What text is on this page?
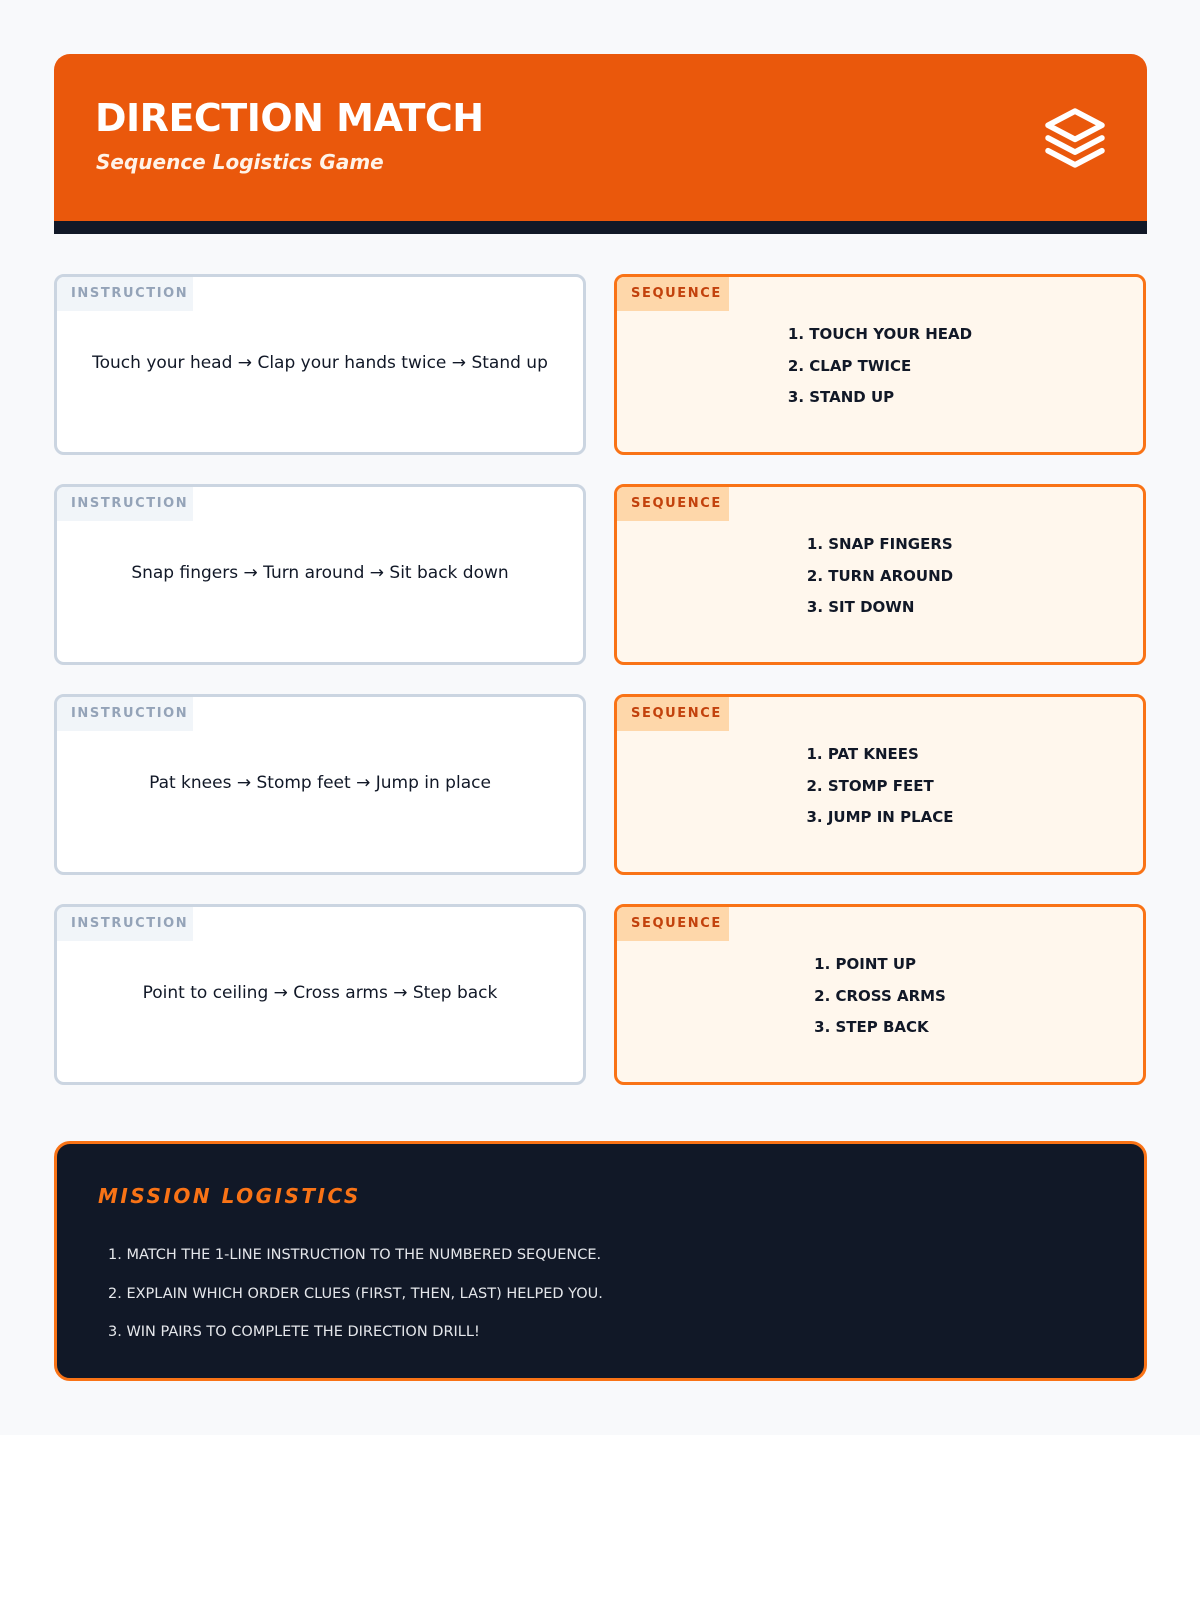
DIRECTION MATCH
Sequence Logistics Game
INSTRUCTION
Touch your head → Clap your hands twice → Stand up
SEQUENCE
1. TOUCH YOUR HEAD
2. CLAP TWICE
3. STAND UP
INSTRUCTION
Snap fingers → Turn around → Sit back down
SEQUENCE
1. SNAP FINGERS
2. TURN AROUND
3. SIT DOWN
INSTRUCTION
Pat knees → Stomp feet → Jump in place
SEQUENCE
1. PAT KNEES
2. STOMP FEET
3. JUMP IN PLACE
INSTRUCTION
Point to ceiling → Cross arms → Step back
SEQUENCE
1. POINT UP
2. CROSS ARMS
3. STEP BACK
MISSION LOGISTICS
1. MATCH THE 1-LINE INSTRUCTION TO THE NUMBERED SEQUENCE.
2. EXPLAIN WHICH ORDER CLUES (FIRST, THEN, LAST) HELPED YOU.
3. WIN PAIRS TO COMPLETE THE DIRECTION DRILL!
